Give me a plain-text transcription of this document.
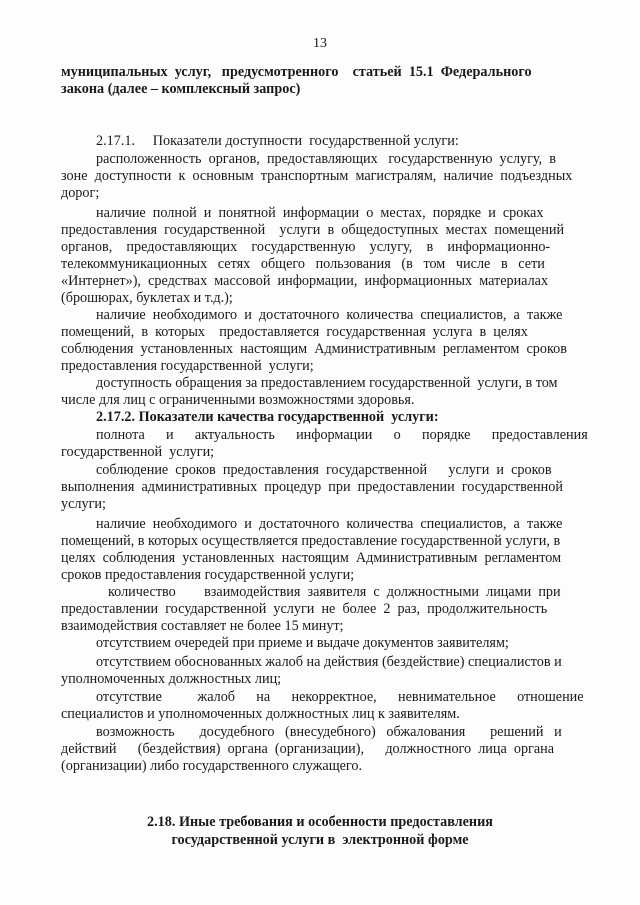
13
муниципальных  услуг,   предусмотренного    статьей  15.1  Федерального
закона (далее – комплексный запрос)
2.17.1.     Показатели доступности  государственной услуги:
расположенность  органов,  предоставляющих   государственную  услугу,  в
зоне  доступности  к  основным  транспортным  магистралям,  наличие  подъездных
дорог;
наличие  полной  и  понятной  информации  о  местах,  порядке  и  сроках
предоставления  государственной    услуги  в  общедоступных  местах  помещений
органов,    предоставляющих    государственную    услугу,    в    информационно-
телекоммуникационных   сетях   общего   пользования   (в   том   числе   в   сети
«Интернет»),  средствах  массовой  информации,  информационных  материалах
(брошюрах, буклетах и т.д.);
наличие  необходимого  и  достаточного  количества  специалистов,  а  также
помещений,  в  которых    предоставляется  государственная  услуга  в  целях
соблюдения  установленных  настоящим  Административным  регламентом  сроков
предоставления государственной  услуги;
доступность обращения за предоставлением государственной  услуги, в том
числе для лиц с ограниченными возможностями здоровья.
2.17.2. Показатели качества государственной  услуги:
полнота      и      актуальность      информации      о      порядке      предоставления
государственной  услуги;
соблюдение  сроков  предоставления  государственной      услуги  и  сроков
выполнения  административных  процедур  при  предоставлении  государственной
услуги;
наличие  необходимого  и  достаточного  количества  специалистов,  а  также
помещений, в которых осуществляется предоставление государственной услуги, в
целях  соблюдения  установленных  настоящим  Административным  регламентом
сроков предоставления государственной услуги;
количество        взаимодействия  заявителя  с  должностными  лицами  при
предоставлении  государственной  услуги  не  более  2  раз,  продолжительность
взаимодействия составляет не более 15 минут;
отсутствием очередей при приеме и выдаче документов заявителям;
отсутствием обоснованных жалоб на действия (бездействие) специалистов и
уполномоченных должностных лиц;
отсутствие          жалоб      на      некорректное,      невнимательное      отношение
специалистов и уполномоченных должностных лиц к заявителям.
возможность       досудебного   (внесудебного)   обжалования       решений   и
действий      (бездействия)  органа  (организации),      должностного  лица  органа
(организации) либо государственного служащего.
2.18. Иные требования и особенности предоставления
государственной услуги в  электронной форме
